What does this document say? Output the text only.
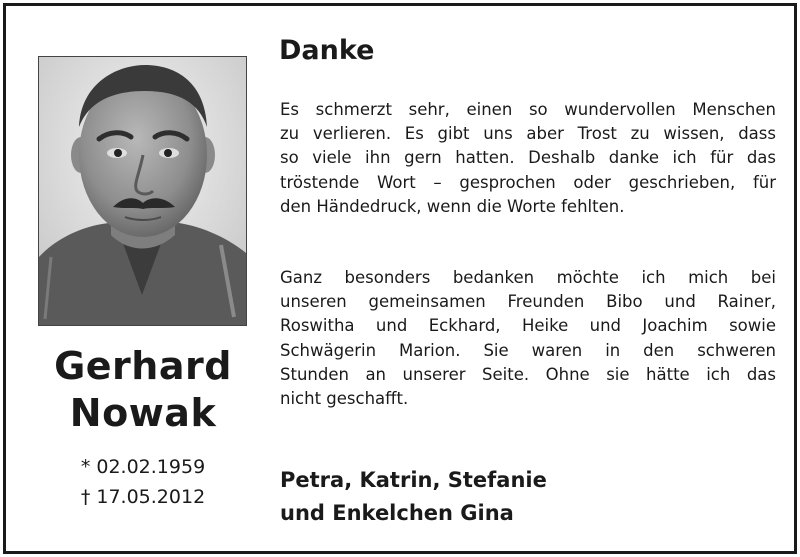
Gerhard
Nowak
* 02.02.1959
† 17.05.2012
Danke
Es schmerzt sehr, einen so wundervollen Menschen
zu verlieren. Es gibt uns aber Trost zu wissen, dass
so viele ihn gern hatten. Deshalb danke ich für das
tröstende Wort – gesprochen oder geschrieben, für
den Händedruck, wenn die Worte fehlten.
Ganz besonders bedanken möchte ich mich bei
unseren gemeinsamen Freunden Bibo und Rainer,
Roswitha und Eckhard, Heike und Joachim sowie
Schwägerin Marion. Sie waren in den schweren
Stunden an unserer Seite. Ohne sie hätte ich das
nicht geschafft.
Petra, Katrin, Stefanie
und Enkelchen Gina
